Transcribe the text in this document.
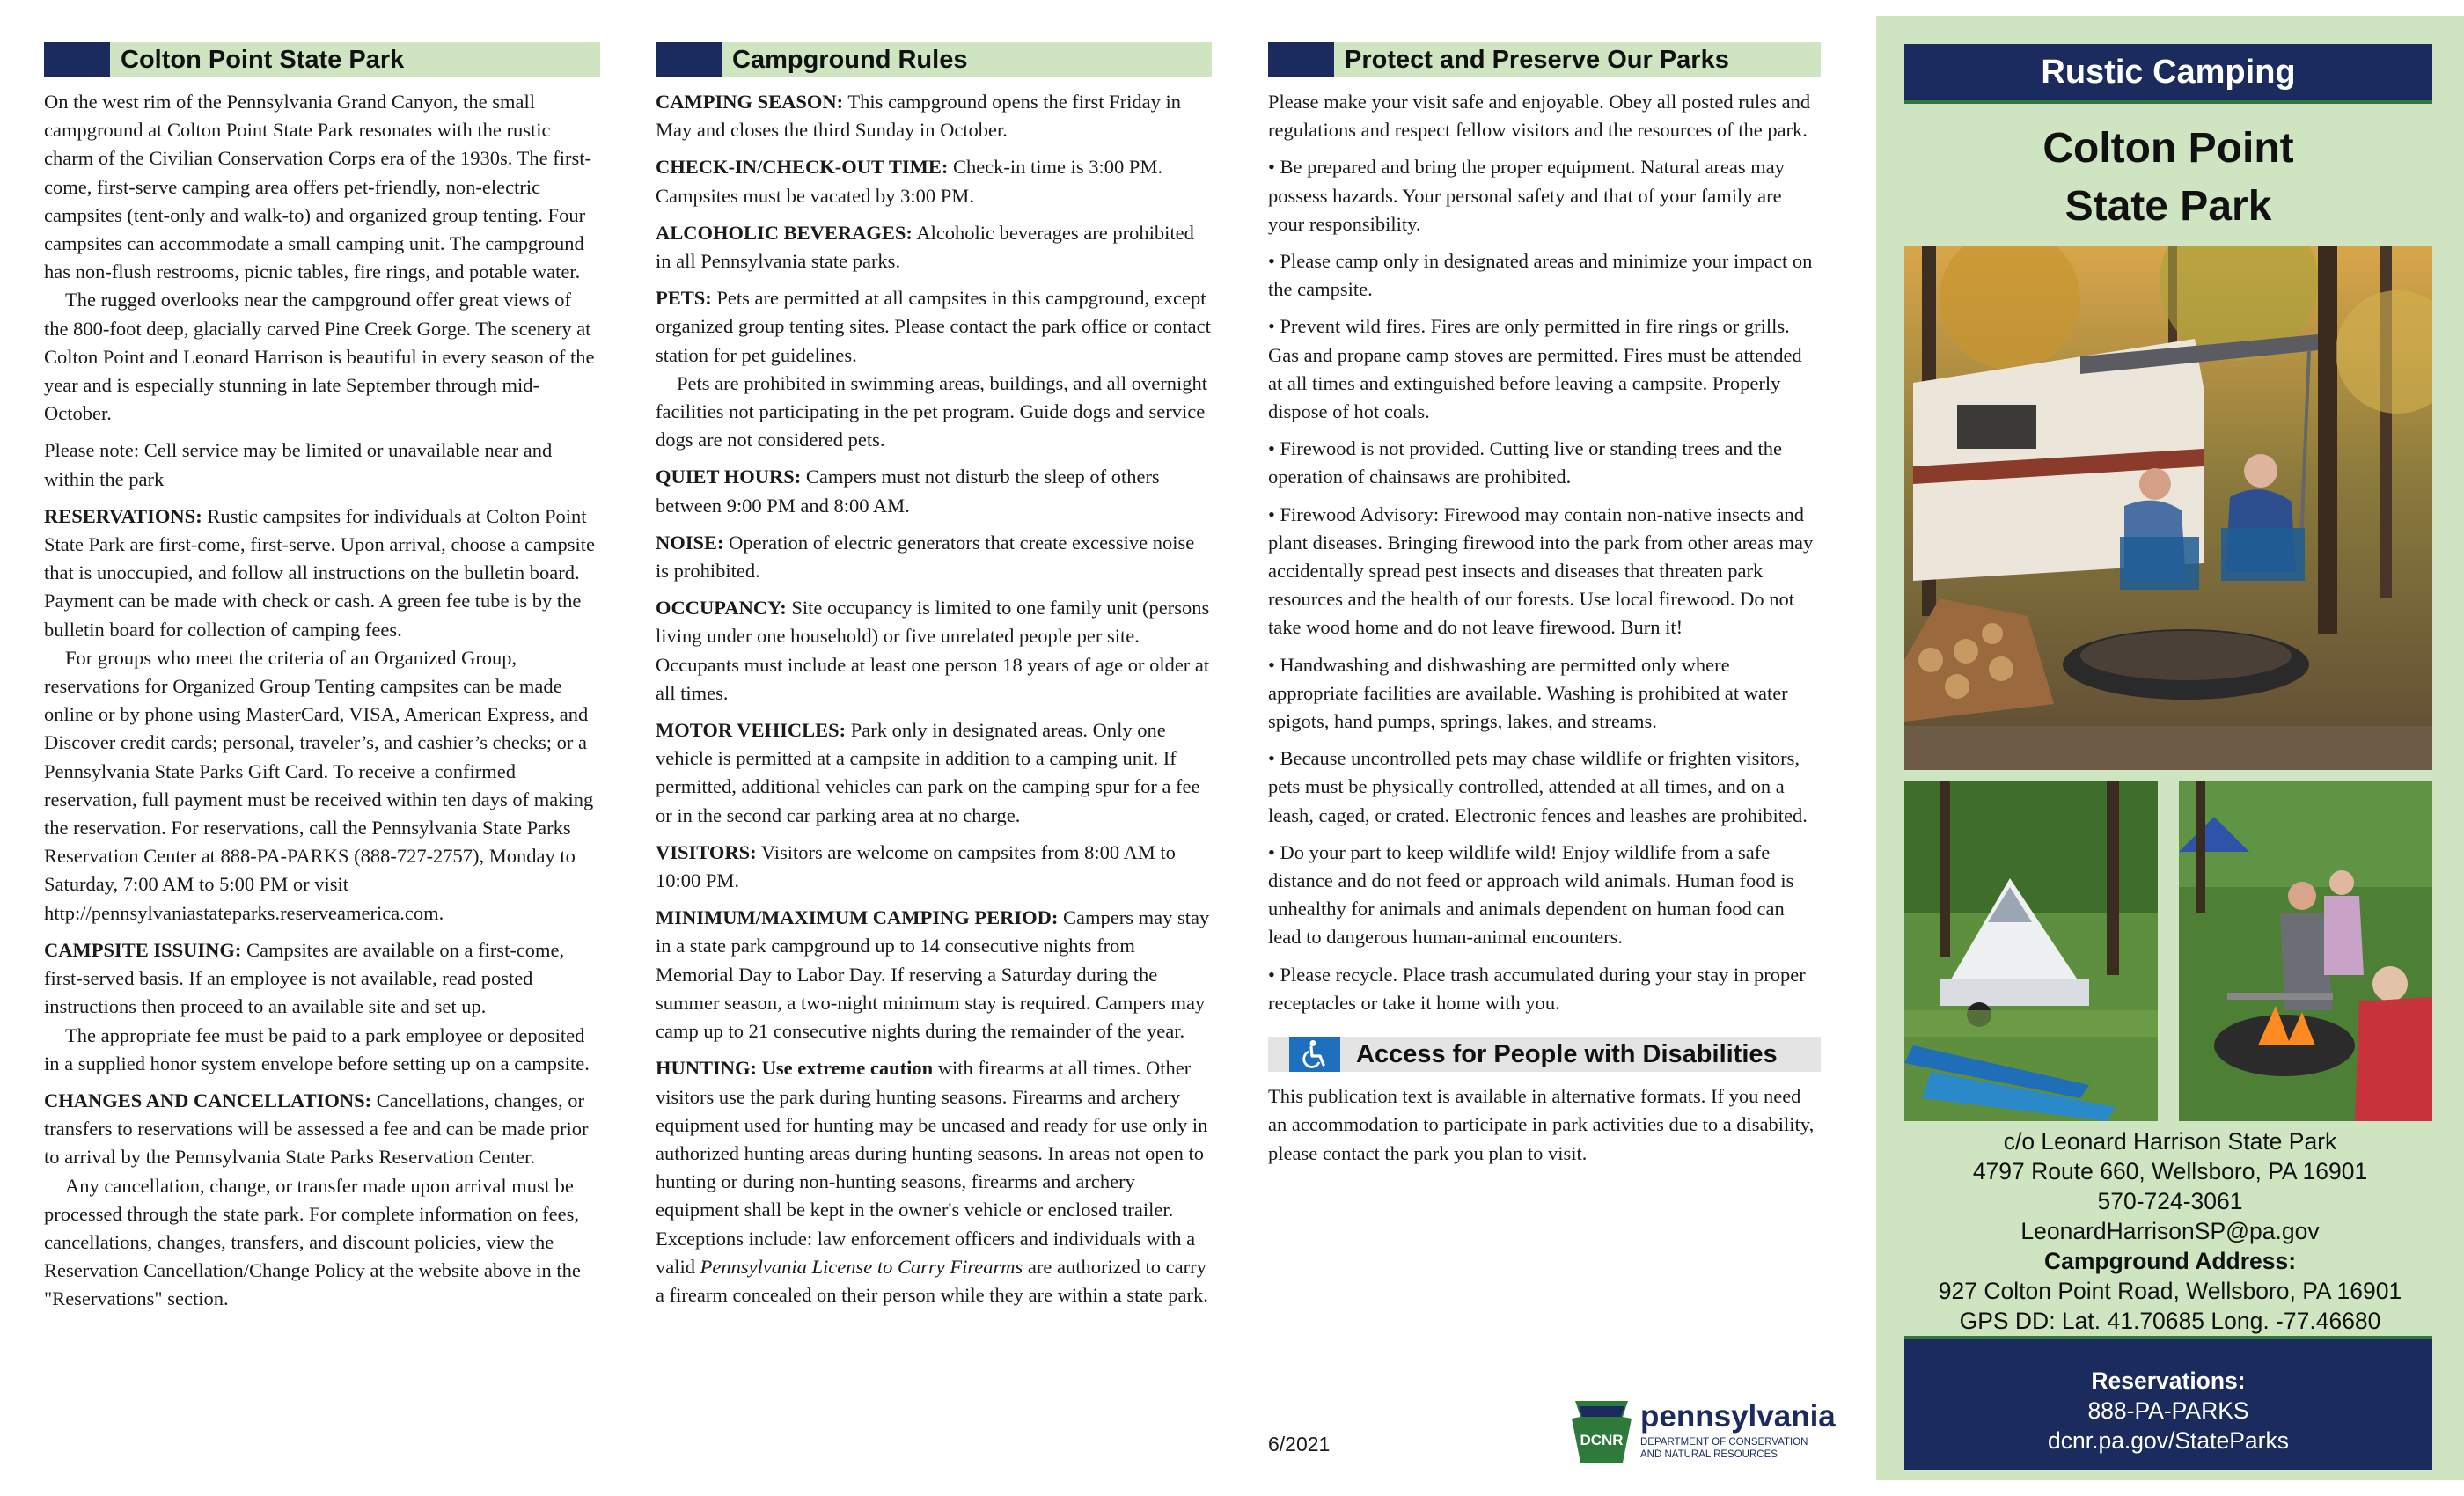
Colton Point State Park

On the west rim of the Pennsylvania Grand Canyon, the small campground at Colton Point State Park resonates with the rustic charm of the Civilian Conservation Corps era of the 1930s. The first-come, first-serve camping area offers pet-friendly, non-electric campsites (tent-only and walk-to) and organized group tenting. Four campsites can accommodate a small camping unit. The campground has non-flush restrooms, picnic tables, fire rings, and potable water.

The rugged overlooks near the campground offer great views of the 800-foot deep, glacially carved Pine Creek Gorge. The scenery at Colton Point and Leonard Harrison is beautiful in every season of the year and is especially stunning in late September through mid-October.

Please note: Cell service may be limited or unavailable near and within the park

RESERVATIONS: Rustic campsites for individuals at Colton Point State Park are first-come, first-serve. Upon arrival, choose a campsite that is unoccupied, and follow all instructions on the bulletin board. Payment can be made with check or cash. A green fee tube is by the bulletin board for collection of camping fees.

For groups who meet the criteria of an Organized Group, reservations for Organized Group Tenting campsites can be made online or by phone using MasterCard, VISA, American Express, and Discover credit cards; personal, traveler’s, and cashier’s checks; or a Pennsylvania State Parks Gift Card. To receive a confirmed reservation, full payment must be received within ten days of making the reservation. For reservations, call the Pennsylvania State Parks Reservation Center at 888-PA-PARKS (888-727-2757), Monday to Saturday, 7:00 AM to 5:00 PM or visit http://pennsylvaniastateparks.reserveamerica.com.

CAMPSITE ISSUING: Campsites are available on a first-come, first-served basis. If an employee is not available, read posted instructions then proceed to an available site and set up.

The appropriate fee must be paid to a park employee or deposited in a supplied honor system envelope before setting up on a campsite.

CHANGES AND CANCELLATIONS: Cancellations, changes, or transfers to reservations will be assessed a fee and can be made prior to arrival by the Pennsylvania State Parks Reservation Center.

Any cancellation, change, or transfer made upon arrival must be processed through the state park. For complete information on fees, cancellations, changes, transfers, and discount policies, view the Reservation Cancellation/Change Policy at the website above in the "Reservations" section.

Campground Rules

CAMPING SEASON: This campground opens the first Friday in May and closes the third Sunday in October.

CHECK-IN/CHECK-OUT TIME: Check-in time is 3:00 PM. Campsites must be vacated by 3:00 PM.

ALCOHOLIC BEVERAGES: Alcoholic beverages are prohibited in all Pennsylvania state parks.

PETS: Pets are permitted at all campsites in this campground, except organized group tenting sites. Please contact the park office or contact station for pet guidelines.

Pets are prohibited in swimming areas, buildings, and all overnight facilities not participating in the pet program. Guide dogs and service dogs are not considered pets.

QUIET HOURS: Campers must not disturb the sleep of others between 9:00 PM and 8:00 AM.

NOISE: Operation of electric generators that create excessive noise is prohibited.

OCCUPANCY: Site occupancy is limited to one family unit (persons living under one household) or five unrelated people per site. Occupants must include at least one person 18 years of age or older at all times.

MOTOR VEHICLES: Park only in designated areas. Only one vehicle is permitted at a campsite in addition to a camping unit. If permitted, additional vehicles can park on the camping spur for a fee or in the second car parking area at no charge.

VISITORS: Visitors are welcome on campsites from 8:00 AM to 10:00 PM.

MINIMUM/MAXIMUM CAMPING PERIOD: Campers may stay in a state park campground up to 14 consecutive nights from Memorial Day to Labor Day. If reserving a Saturday during the summer season, a two-night minimum stay is required. Campers may camp up to 21 consecutive nights during the remainder of the year.

HUNTING: Use extreme caution with firearms at all times. Other visitors use the park during hunting seasons. Firearms and archery equipment used for hunting may be uncased and ready for use only in authorized hunting areas during hunting seasons. In areas not open to hunting or during non-hunting seasons, firearms and archery equipment shall be kept in the owner's vehicle or enclosed trailer. Exceptions include: law enforcement officers and individuals with a valid Pennsylvania License to Carry Firearms are authorized to carry a firearm concealed on their person while they are within a state park.

Protect and Preserve Our Parks

Please make your visit safe and enjoyable. Obey all posted rules and regulations and respect fellow visitors and the resources of the park.

• Be prepared and bring the proper equipment. Natural areas may possess hazards. Your personal safety and that of your family are your responsibility.

• Please camp only in designated areas and minimize your impact on the campsite.

• Prevent wild fires. Fires are only permitted in fire rings or grills. Gas and propane camp stoves are permitted. Fires must be attended at all times and extinguished before leaving a campsite. Properly dispose of hot coals.

• Firewood is not provided. Cutting live or standing trees and the operation of chainsaws are prohibited.

• Firewood Advisory: Firewood may contain non-native insects and plant diseases. Bringing firewood into the park from other areas may accidentally spread pest insects and diseases that threaten park resources and the health of our forests. Use local firewood. Do not take wood home and do not leave firewood. Burn it!

• Handwashing and dishwashing are permitted only where appropriate facilities are available. Washing is prohibited at water spigots, hand pumps, springs, lakes, and streams.

• Because uncontrolled pets may chase wildlife or frighten visitors, pets must be physically controlled, attended at all times, and on a leash, caged, or crated. Electronic fences and leashes are prohibited.

• Do your part to keep wildlife wild! Enjoy wildlife from a safe distance and do not feed or approach wild animals. Human food is unhealthy for animals and animals dependent on human food can lead to dangerous human-animal encounters.

• Please recycle. Place trash accumulated during your stay in proper receptacles or take it home with you.

Access for People with Disabilities

This publication text is available in alternative formats. If you need an accommodation to participate in park activities due to a disability, please contact the park you plan to visit.

6/2021	DCNR
pennsylvania
DEPARTMENT OF CONSERVATION
AND NATURAL RESOURCES
Rustic Camping
Colton Point
State Park
c/o Leonard Harrison State Park
4797 Route 660, Wellsboro, PA 16901
570-724-3061
LeonardHarrisonSP@pa.gov
Campground Address:
927 Colton Point Road, Wellsboro, PA 16901
GPS DD: Lat. 41.70685 Long. -77.46680
Reservations:
888-PA-PARKS
dcnr.pa.gov/StateParks
